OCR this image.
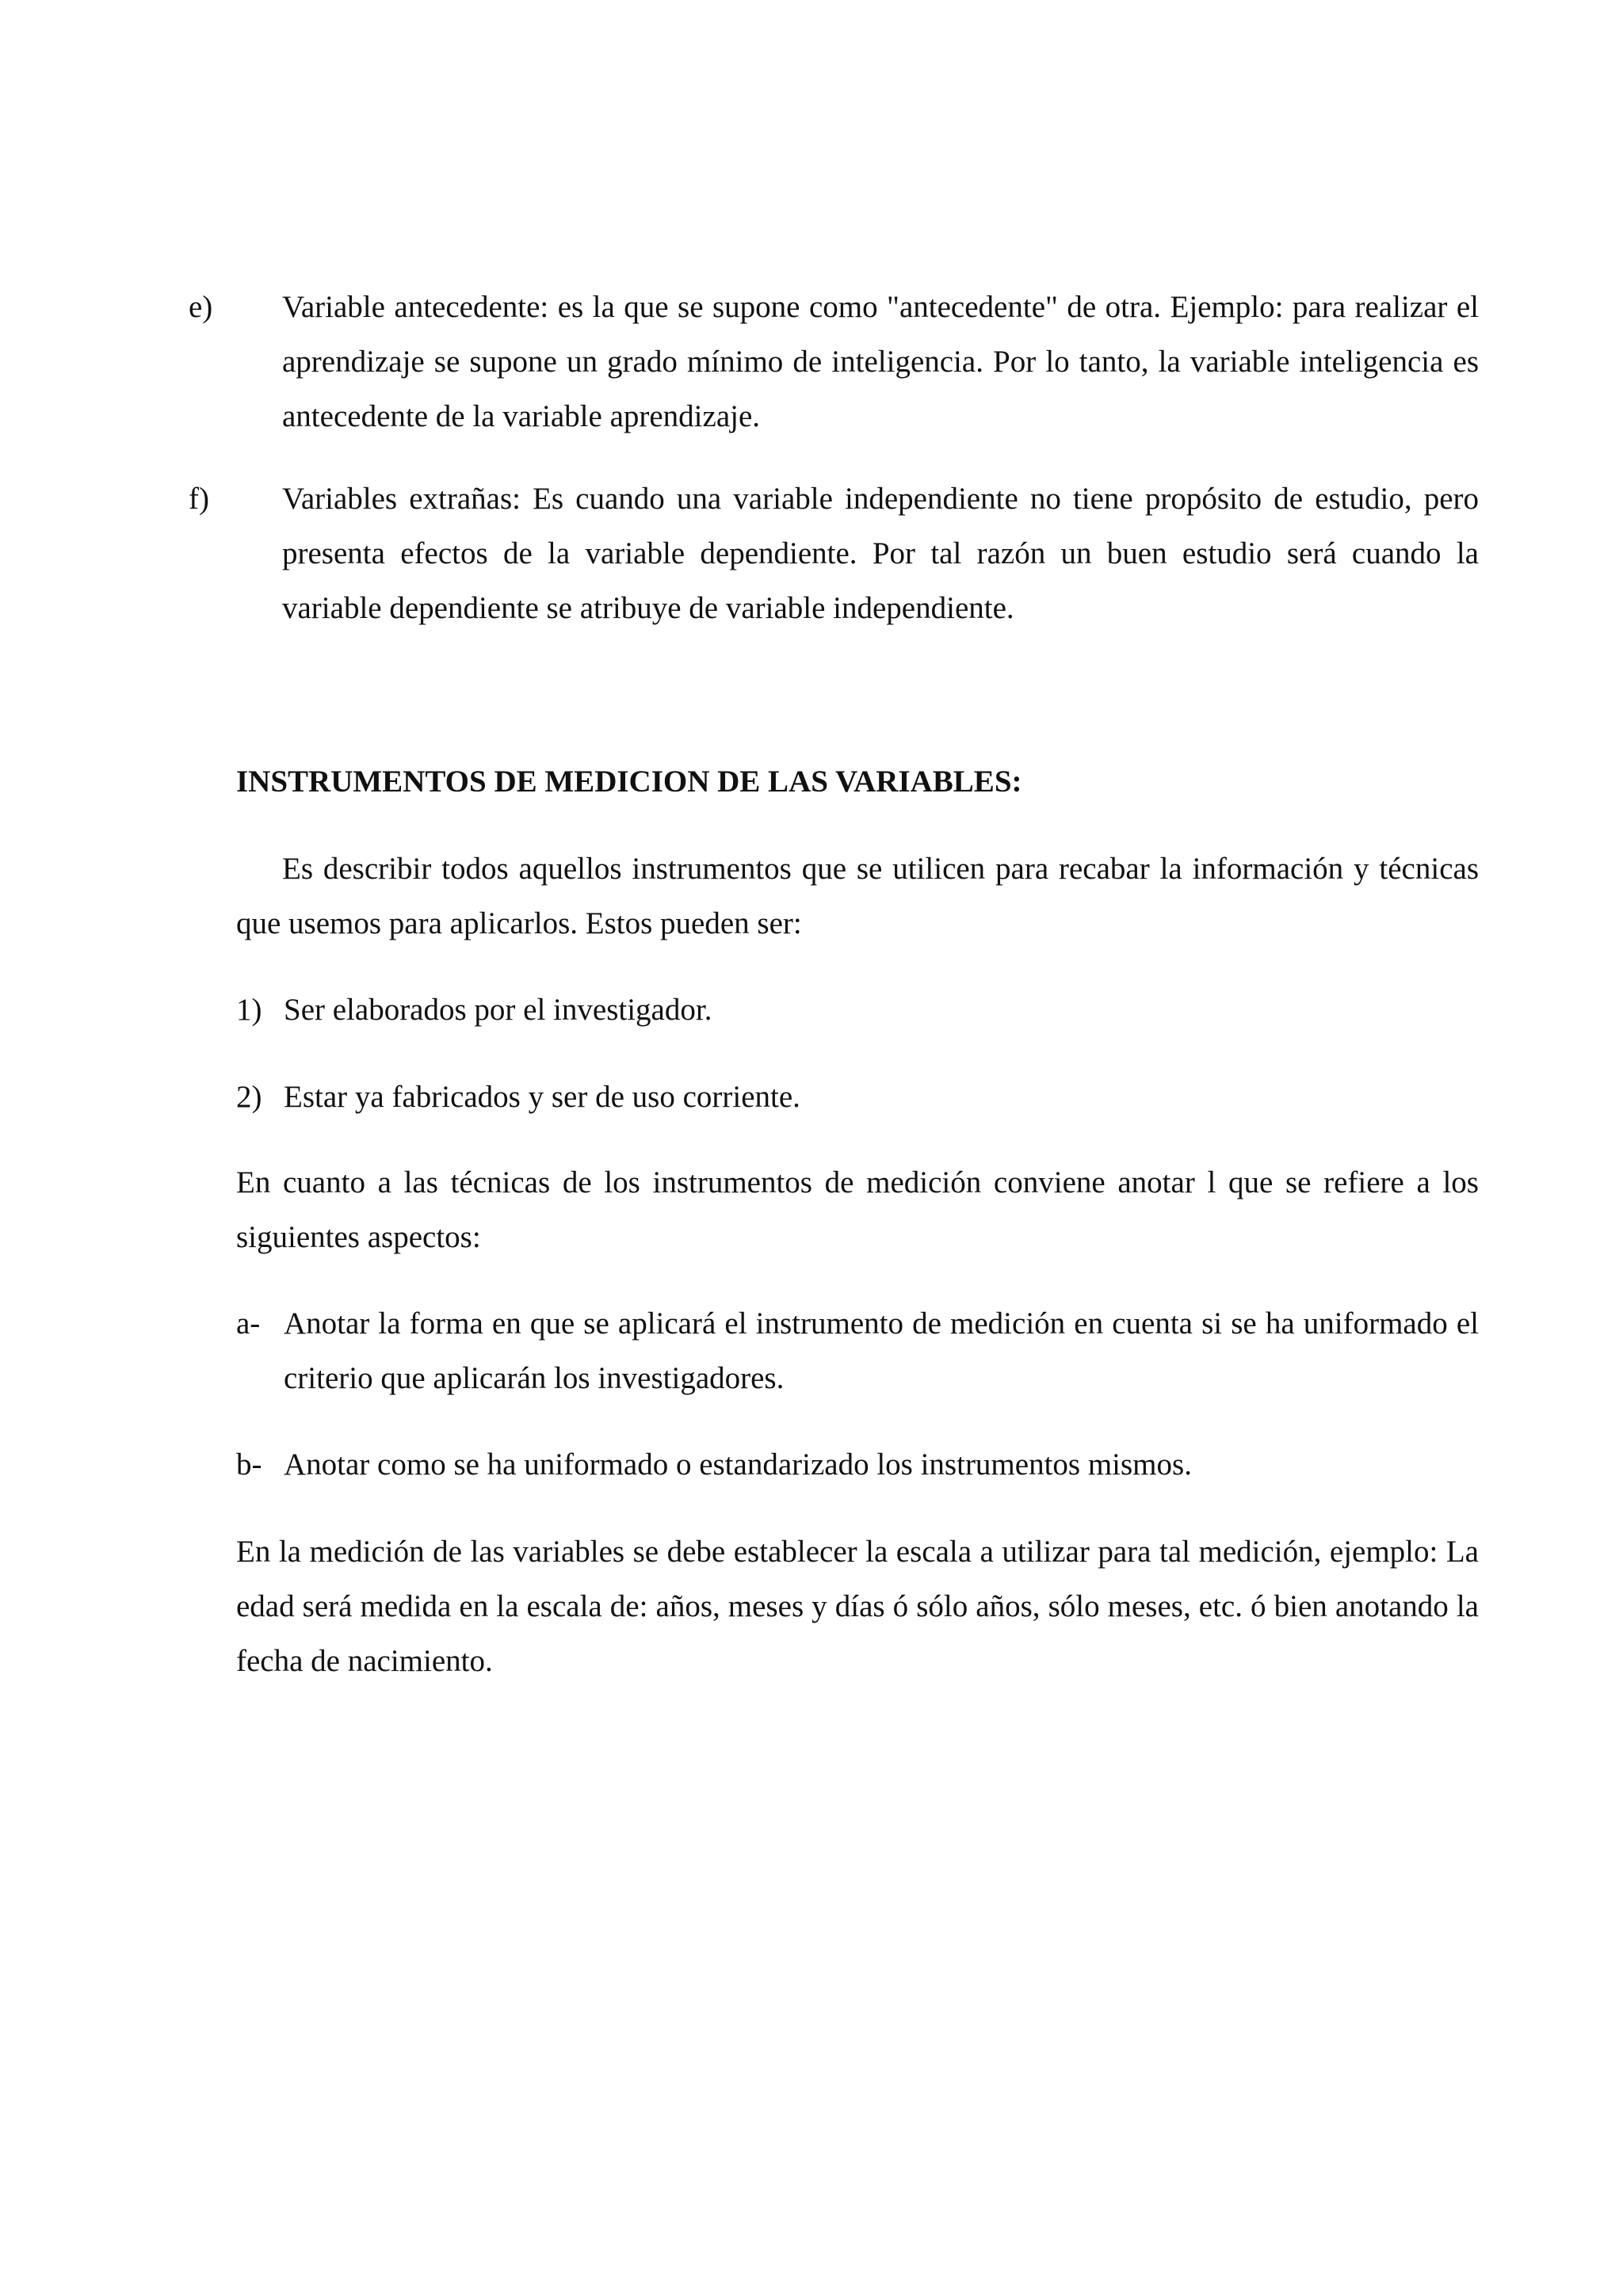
e) Variable antecedente: es la que se supone como "antecedente" de otra. Ejemplo: para realizar el aprendizaje se supone un grado mínimo de inteligencia. Por lo tanto, la variable inteligencia es antecedente de la variable aprendizaje.
f) Variables extrañas: Es cuando una variable independiente no tiene propósito de estudio, pero presenta efectos de la variable dependiente. Por tal razón un buen estudio será cuando la variable dependiente se atribuye de variable independiente.
INSTRUMENTOS DE MEDICION DE LAS VARIABLES:
Es describir todos aquellos instrumentos que se utilicen para recabar la información y técnicas que usemos para aplicarlos. Estos pueden ser:
1) Ser elaborados por el investigador.
2) Estar ya fabricados y ser de uso corriente.
En cuanto a las técnicas de los instrumentos de medición conviene anotar l que se refiere a los siguientes aspectos:
a- Anotar la forma en que se aplicará el instrumento de medición en cuenta si se ha uniformado el criterio que aplicarán los investigadores.
b- Anotar como se ha uniformado o estandarizado los instrumentos mismos.
En la medición de las variables se debe establecer la escala a utilizar para tal medición, ejemplo: La edad será medida en la escala de: años, meses y días ó sólo años, sólo meses, etc. ó bien anotando la fecha de nacimiento.
